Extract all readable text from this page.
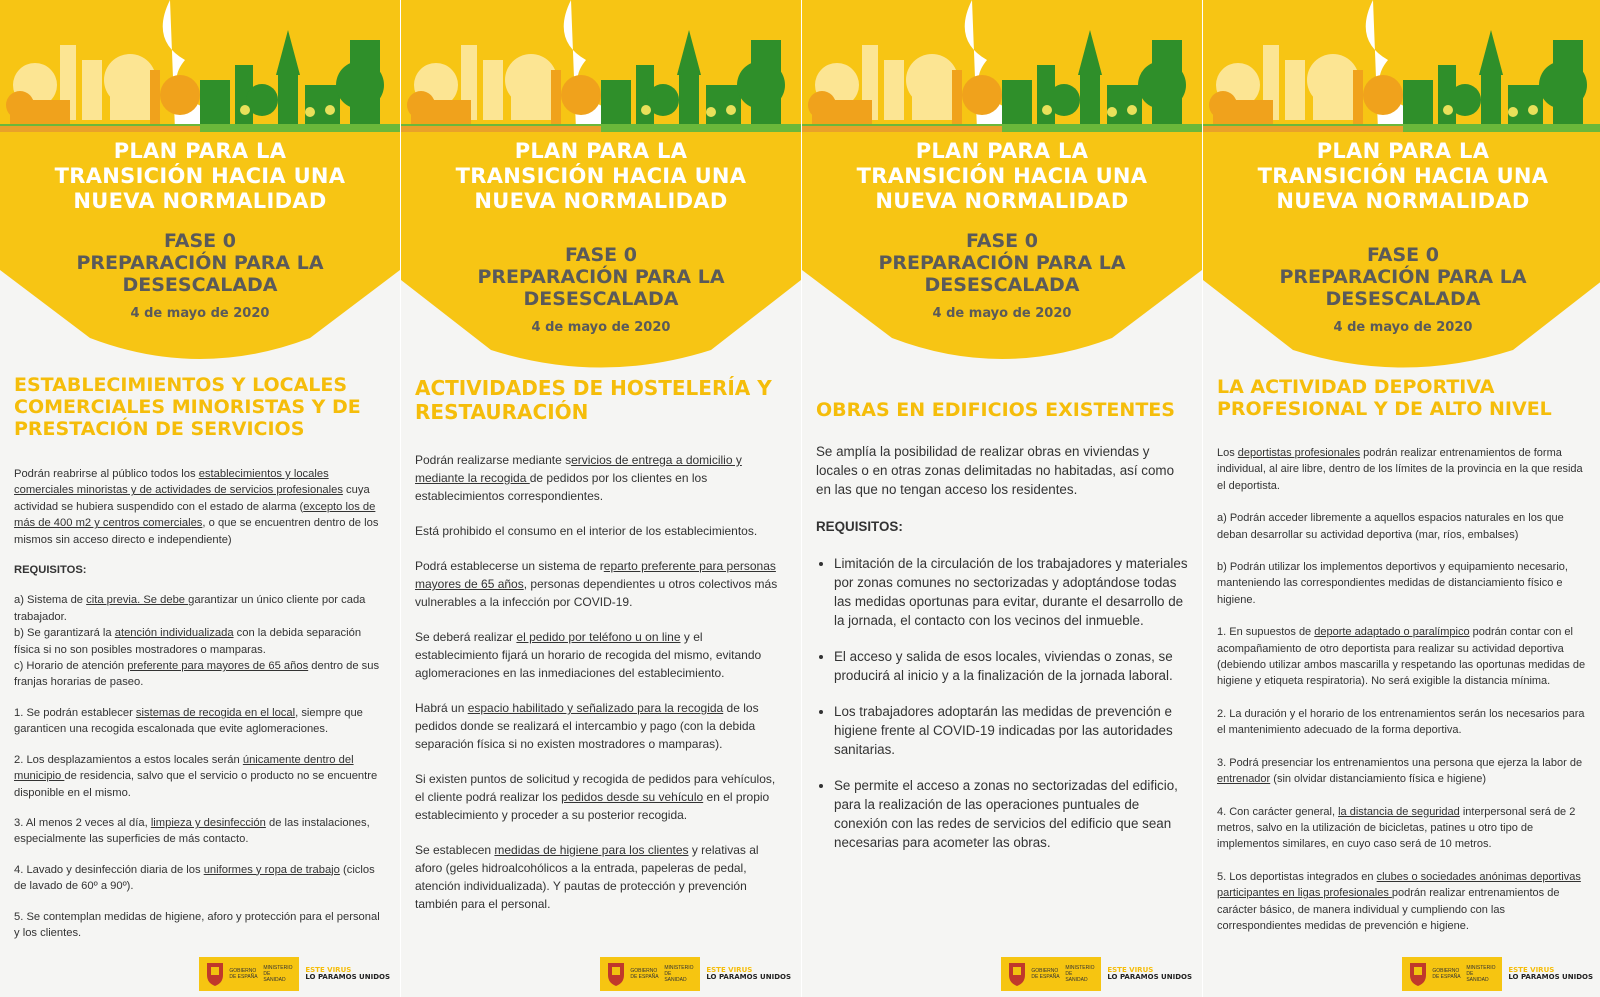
PLAN PARA LA
TRANSICIÓN HACIA UNA
NUEVA NORMALIDAD
FASE 0
PREPARACIÓN PARA LA
DESESCALADA
4 de mayo de 2020
ESTABLECIMIENTOS Y LOCALES
COMERCIALES MINORISTAS Y DE
PRESTACIÓN DE SERVICIOS

Podrán reabrirse al público todos los establecimientos y locales comerciales minoristas y de actividades de servicios profesionales cuya actividad se hubiera suspendido con el estado de alarma (excepto los de más de 400 m2 y centros comerciales, o que se encuentren dentro de los mismos sin acceso directo e independiente)

REQUISITOS:

a) Sistema de cita previa. Se debe garantizar un único cliente por cada trabajador.

b) Se garantizará la atención individualizada con la debida separación física si no son posibles mostradores o mamparas.

c) Horario de atención preferente para mayores de 65 años dentro de sus franjas horarias de paseo.

1. Se podrán establecer sistemas de recogida en el local, siempre que garanticen una recogida escalonada que evite aglomeraciones.

2. Los desplazamientos a estos locales serán únicamente dentro del municipio de residencia, salvo que el servicio o producto no se encuentre disponible en el mismo.

3. Al menos 2 veces al día, limpieza y desinfección de las instalaciones, especialmente las superficies de más contacto.

4. Lavado y desinfección diaria de los uniformes y ropa de trabajo (ciclos de lavado de 60º a 90º).

5. Se contemplan medidas de higiene, aforo y protección para el personal y los clientes.

GOBIERNO DE ESPAÑA
MINISTERIO DE SANIDAD
ESTE VIRUS
LO PARAMOS UNIDOS
PLAN PARA LA
TRANSICIÓN HACIA UNA
NUEVA NORMALIDAD
FASE 0
PREPARACIÓN PARA LA
DESESCALADA
4 de mayo de 2020
ACTIVIDADES DE HOSTELERÍA Y
RESTAURACIÓN

Podrán realizarse mediante servicios de entrega a domicilio y mediante la recogida de pedidos por los clientes en los establecimientos correspondientes.

Está prohibido el consumo en el interior de los establecimientos.

Podrá establecerse un sistema de reparto preferente para personas mayores de 65 años, personas dependientes u otros colectivos más vulnerables a la infección por COVID-19.

Se deberá realizar el pedido por teléfono u on line y el establecimiento fijará un horario de recogida del mismo, evitando aglomeraciones en las inmediaciones del establecimiento.

Habrá un espacio habilitado y señalizado para la recogida de los pedidos donde se realizará el intercambio y pago (con la debida separación física si no existen mostradores o mamparas).

Si existen puntos de solicitud y recogida de pedidos para vehículos, el cliente podrá realizar los pedidos desde su vehículo en el propio establecimiento y proceder a su posterior recogida.

Se establecen medidas de higiene para los clientes y relativas al aforo (geles hidroalcohólicos a la entrada, papeleras de pedal, atención individualizada). Y pautas de protección y prevención también para el personal.

GOBIERNO DE ESPAÑA
MINISTERIO DE SANIDAD
ESTE VIRUS
LO PARAMOS UNIDOS
PLAN PARA LA
TRANSICIÓN HACIA UNA
NUEVA NORMALIDAD
FASE 0
PREPARACIÓN PARA LA
DESESCALADA
4 de mayo de 2020
OBRAS EN EDIFICIOS EXISTENTES

Se amplía la posibilidad de realizar obras en viviendas y locales o en otras zonas delimitadas no habitadas, así como en las que no tengan acceso los residentes.

REQUISITOS:

• Limitación de la circulación de los trabajadores y materiales por zonas comunes no sectorizadas y adoptándose todas las medidas oportunas para evitar, durante el desarrollo de la jornada, el contacto con los vecinos del inmueble.
• El acceso y salida de esos locales, viviendas o zonas, se producirá al inicio y a la finalización de la jornada laboral.
• Los trabajadores adoptarán las medidas de prevención e higiene frente al COVID-19 indicadas por las autoridades sanitarias.
• Se permite el acceso a zonas no sectorizadas del edificio, para la realización de las operaciones puntuales de conexión con las redes de servicios del edificio que sean necesarias para acometer las obras.
GOBIERNO DE ESPAÑA
MINISTERIO DE SANIDAD
ESTE VIRUS
LO PARAMOS UNIDOS
PLAN PARA LA
TRANSICIÓN HACIA UNA
NUEVA NORMALIDAD
FASE 0
PREPARACIÓN PARA LA
DESESCALADA
4 de mayo de 2020
LA ACTIVIDAD DEPORTIVA
PROFESIONAL Y DE ALTO NIVEL

Los deportistas profesionales podrán realizar entrenamientos de forma individual, al aire libre, dentro de los límites de la provincia en la que resida el deportista.

a) Podrán acceder libremente a aquellos espacios naturales en los que deban desarrollar su actividad deportiva (mar, ríos, embalses)

b) Podrán utilizar los implementos deportivos y equipamiento necesario, manteniendo las correspondientes medidas de distanciamiento físico e higiene.

1. En supuestos de deporte adaptado o paralímpico podrán contar con el acompañamiento de otro deportista para realizar su actividad deportiva (debiendo utilizar ambos mascarilla y respetando las oportunas medidas de higiene y etiqueta respiratoria). No será exigible la distancia mínima.

2. La duración y el horario de los entrenamientos serán los necesarios para el mantenimiento adecuado de la forma deportiva.

3. Podrá presenciar los entrenamientos una persona que ejerza la labor de entrenador (sin olvidar distanciamiento física e higiene)

4. Con carácter general, la distancia de seguridad interpersonal será de 2 metros, salvo en la utilización de bicicletas, patines u otro tipo de implementos similares, en cuyo caso será de 10 metros.

5. Los deportistas integrados en clubes o sociedades anónimas deportivas participantes en ligas profesionales podrán realizar entrenamientos de carácter básico, de manera individual y cumpliendo con las correspondientes medidas de prevención e higiene.

GOBIERNO DE ESPAÑA
MINISTERIO DE SANIDAD
ESTE VIRUS
LO PARAMOS UNIDOS
